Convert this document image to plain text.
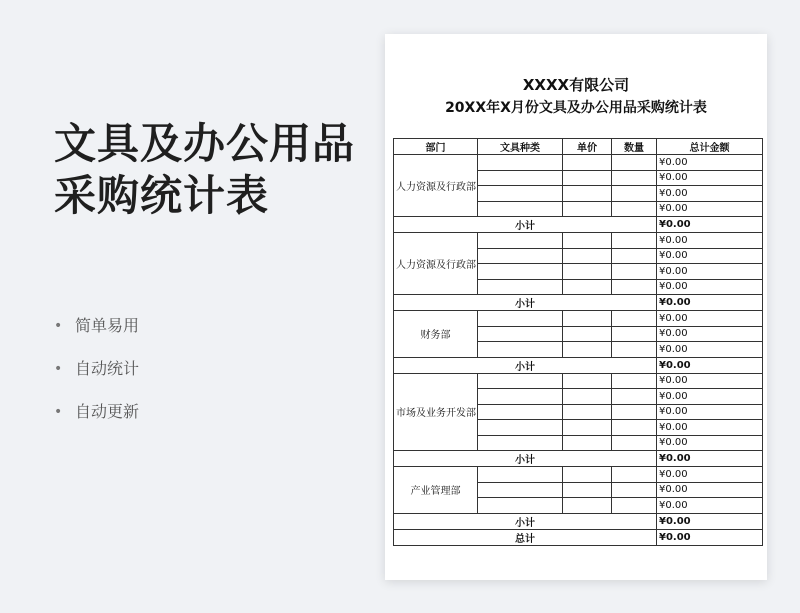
文具及办公用品
采购统计表
• 简单易用
• 自动统计
• 自动更新
XXXX有限公司
20XX年X月份文具及办公用品采购统计表
部门	文具种类	单价	数量	总计金额
人力资源及行政部				¥0.00
				¥0.00
				¥0.00
				¥0.00
小计				¥0.00
人力资源及行政部				¥0.00
				¥0.00
				¥0.00
				¥0.00
小计				¥0.00
财务部				¥0.00
				¥0.00
				¥0.00
小计				¥0.00
市场及业务开发部				¥0.00
				¥0.00
				¥0.00
				¥0.00
				¥0.00
小计				¥0.00
产业管理部				¥0.00
				¥0.00
				¥0.00
小计				¥0.00
总计				¥0.00
